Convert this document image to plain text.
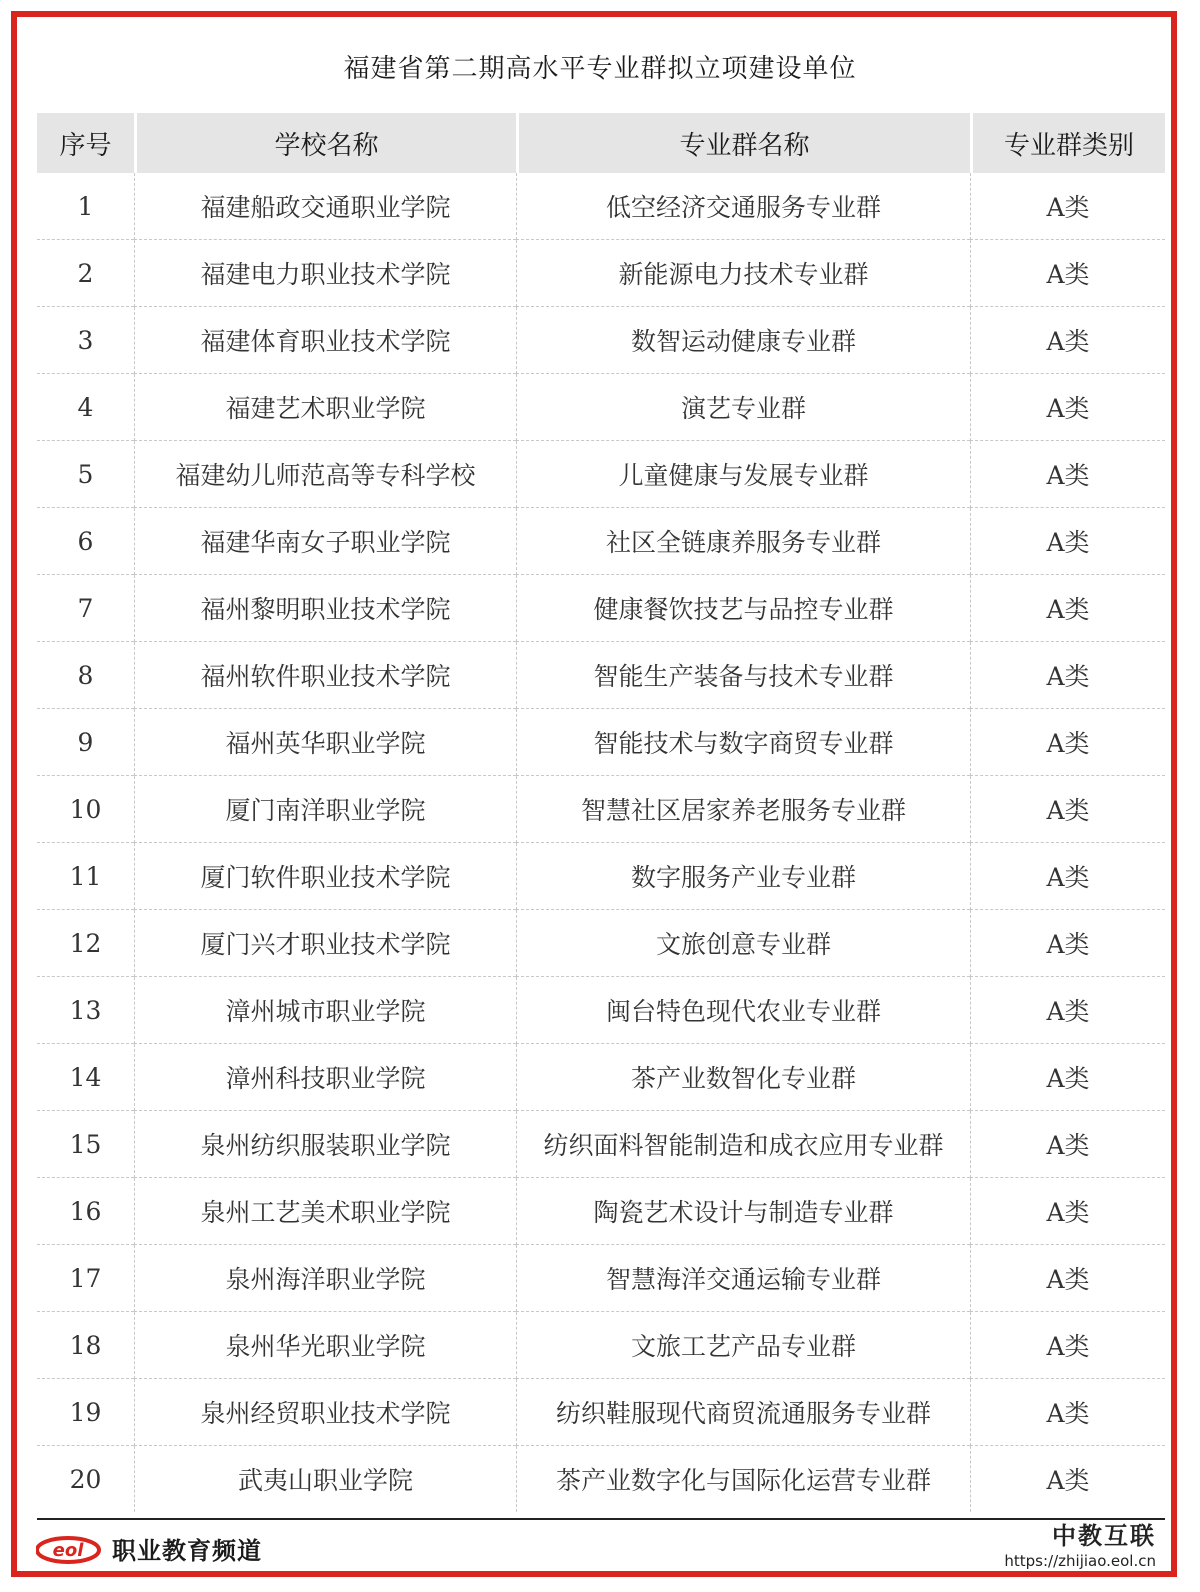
福建省第二期高水平专业群拟立项建设单位
序号	学校名称	专业群名称	专业群类别
1	福建船政交通职业学院	低空经济交通服务专业群	A类
2	福建电力职业技术学院	新能源电力技术专业群	A类
3	福建体育职业技术学院	数智运动健康专业群	A类
4	福建艺术职业学院	演艺专业群	A类
5	福建幼儿师范高等专科学校	儿童健康与发展专业群	A类
6	福建华南女子职业学院	社区全链康养服务专业群	A类
7	福州黎明职业技术学院	健康餐饮技艺与品控专业群	A类
8	福州软件职业技术学院	智能生产装备与技术专业群	A类
9	福州英华职业学院	智能技术与数字商贸专业群	A类
10	厦门南洋职业学院	智慧社区居家养老服务专业群	A类
11	厦门软件职业技术学院	数字服务产业专业群	A类
12	厦门兴才职业技术学院	文旅创意专业群	A类
13	漳州城市职业学院	闽台特色现代农业专业群	A类
14	漳州科技职业学院	茶产业数智化专业群	A类
15	泉州纺织服装职业学院	纺织面料智能制造和成衣应用专业群	A类
16	泉州工艺美术职业学院	陶瓷艺术设计与制造专业群	A类
17	泉州海洋职业学院	智慧海洋交通运输专业群	A类
18	泉州华光职业学院	文旅工艺产品专业群	A类
19	泉州经贸职业技术学院	纺织鞋服现代商贸流通服务专业群	A类
20	武夷山职业学院	茶产业数字化与国际化运营专业群	A类
eol 职业教育频道
中教互联
https://zhijiao.eol.cn
